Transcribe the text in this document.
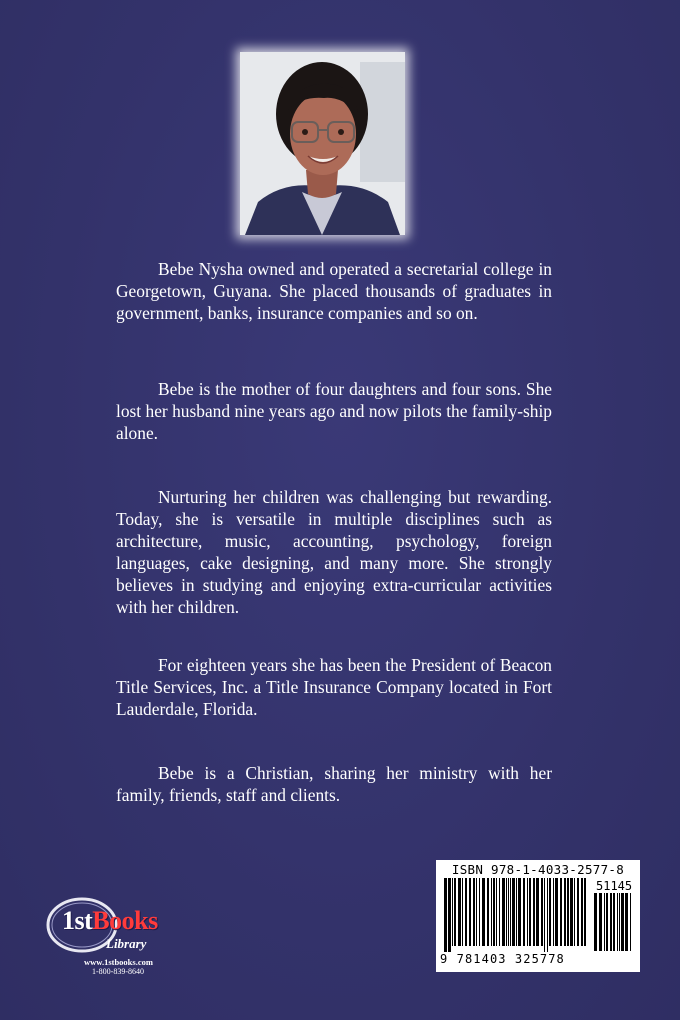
Bebe Nysha owned and operated a secretarial college in Georgetown, Guyana. She placed thousands of graduates in government, banks, insurance companies and so on.

Bebe is the mother of four daughters and four sons. She lost her husband nine years ago and now pilots the family-ship alone.

Nurturing her children was challenging but rewarding. Today, she is versatile in multiple disciplines such as architecture, music, accounting, psychology, foreign languages, cake designing, and many more. She strongly believes in studying and enjoying extra-curricular activities with her children.

For eighteen years she has been the President of Beacon Title Services, Inc. a Title Insurance Company located in Fort Lauderdale, Florida.

Bebe is a Christian, sharing her ministry with her family, friends, staff and clients.

ISBN 978-1-4033-2577-8
51145
9 781403 325778
1stBooks
Library
www.1stbooks.com
1-800-839-8640
